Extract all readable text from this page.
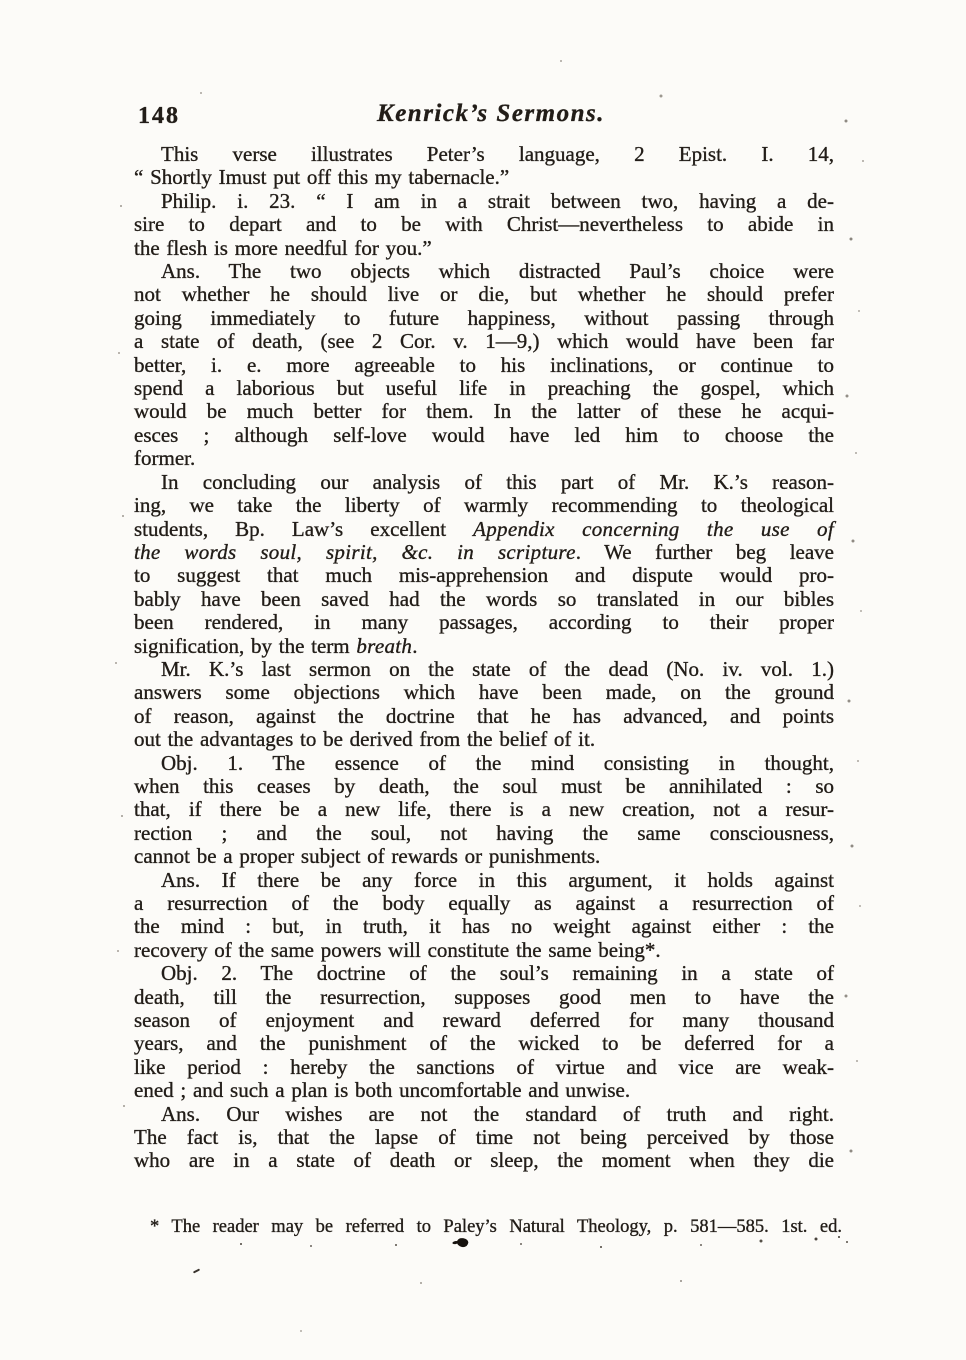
148	Kenrick’s Sermons.
This verse illustrates Peter’s language, 2 Epist. I. 14,
“ Shortly Imust put off this my tabernacle.”
Philip. i. 23. “ I am in a strait between two, having a de-
sire to depart and to be with Christ—nevertheless to abide in
the flesh is more needful for you.”
Ans. The two objects which distracted Paul’s choice were
not whether he should live or die, but whether he should prefer
going immediately to future happiness, without passing through
a state of death, (see 2 Cor. v. 1—9,) which would have been far
better, i. e. more agreeable to his inclinations, or continue to
spend a laborious but useful life in preaching the gospel, which
would be much better for them. In the latter of these he acqui-
esces ; although self-love would have led him to choose the
former.
In concluding our analysis of this part of Mr. K.’s reason-
ing, we take the liberty of warmly recommending to theological
students, Bp. Law’s excellent Appendix concerning the use of
the words soul, spirit, &c. in scripture. We further beg leave
to suggest that much mis-apprehension and dispute would pro-
bably have been saved had the words so translated in our bibles
been rendered, in many passages, according to their proper
signification, by the term breath.
Mr. K.’s last sermon on the state of the dead (No. iv. vol. 1.)
answers some objections which have been made, on the ground
of reason, against the doctrine that he has advanced, and points
out the advantages to be derived from the belief of it.
Obj. 1. The essence of the mind consisting in thought,
when this ceases by death, the soul must be annihilated : so
that, if there be a new life, there is a new creation, not a resur-
rection ; and the soul, not having the same consciousness,
cannot be a proper subject of rewards or punishments.
Ans. If there be any force in this argument, it holds against
a resurrection of the body equally as against a resurrection of
the mind : but, in truth, it has no weight against either : the
recovery of the same powers will constitute the same being*.
Obj. 2. The doctrine of the soul’s remaining in a state of
death, till the resurrection, supposes good men to have the
season of enjoyment and reward deferred for many thousand
years, and the punishment of the wicked to be deferred for a
like period : hereby the sanctions of virtue and vice are weak-
ened ; and such a plan is both uncomfortable and unwise.
Ans. Our wishes are not the standard of truth and right.
The fact is, that the lapse of time not being perceived by those
who are in a state of death or sleep, the moment when they die
* The reader may be referred to Paley’s Natural Theology, p. 581—585. 1st. ed.
